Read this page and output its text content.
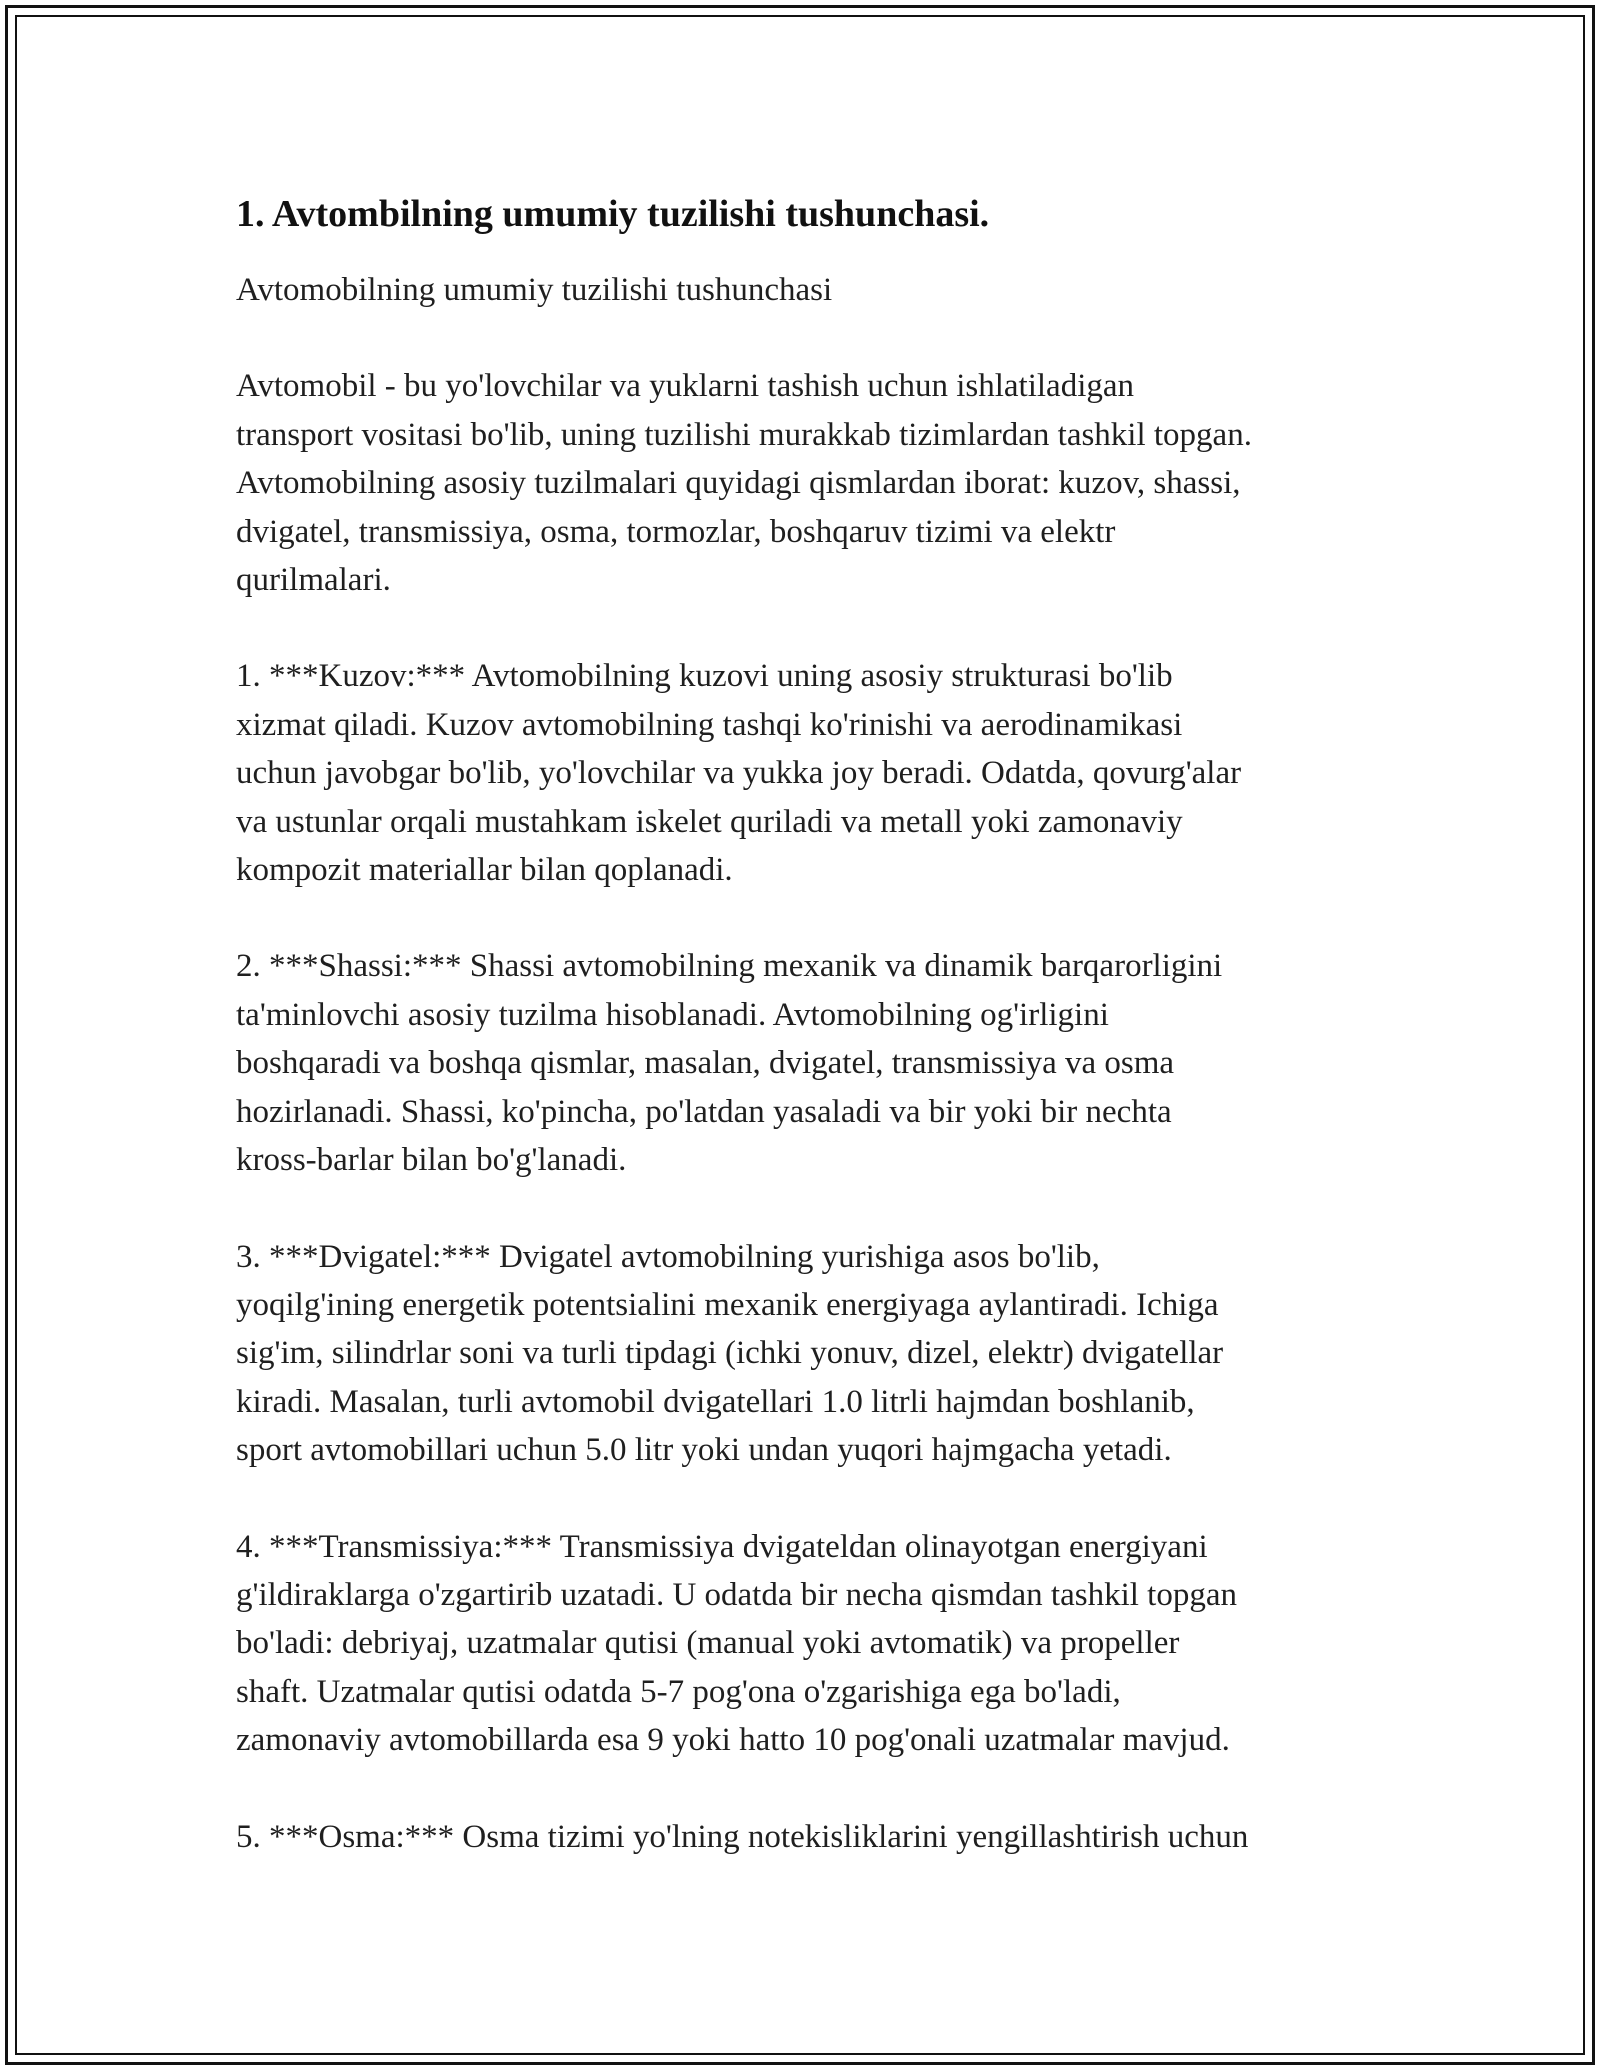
1. Avtombilning umumiy tuzilishi tushunchasi.

Avtomobilning umumiy tuzilishi tushunchasi

Avtomobil - bu yo'lovchilar va yuklarni tashish uchun ishlatiladigan
transport vositasi bo'lib, uning tuzilishi murakkab tizimlardan tashkil topgan.
Avtomobilning asosiy tuzilmalari quyidagi qismlardan iborat: kuzov, shassi,
dvigatel, transmissiya, osma, tormozlar, boshqaruv tizimi va elektr
qurilmalari.

1. ***Kuzov:*** Avtomobilning kuzovi uning asosiy strukturasi bo'lib
xizmat qiladi. Kuzov avtomobilning tashqi ko'rinishi va aerodinamikasi
uchun javobgar bo'lib, yo'lovchilar va yukka joy beradi. Odatda, qovurg'alar
va ustunlar orqali mustahkam iskelet quriladi va metall yoki zamonaviy
kompozit materiallar bilan qoplanadi.

2. ***Shassi:*** Shassi avtomobilning mexanik va dinamik barqarorligini
ta'minlovchi asosiy tuzilma hisoblanadi. Avtomobilning og'irligini
boshqaradi va boshqa qismlar, masalan, dvigatel, transmissiya va osma
hozirlanadi. Shassi, ko'pincha, po'latdan yasaladi va bir yoki bir nechta
kross-barlar bilan bo'g'lanadi.

3. ***Dvigatel:*** Dvigatel avtomobilning yurishiga asos bo'lib,
yoqilg'ining energetik potentsialini mexanik energiyaga aylantiradi. Ichiga
sig'im, silindrlar soni va turli tipdagi (ichki yonuv, dizel, elektr) dvigatellar
kiradi. Masalan, turli avtomobil dvigatellari 1.0 litrli hajmdan boshlanib,
sport avtomobillari uchun 5.0 litr yoki undan yuqori hajmgacha yetadi.

4. ***Transmissiya:*** Transmissiya dvigateldan olinayotgan energiyani
g'ildiraklarga o'zgartirib uzatadi. U odatda bir necha qismdan tashkil topgan
bo'ladi: debriyaj, uzatmalar qutisi (manual yoki avtomatik) va propeller
shaft. Uzatmalar qutisi odatda 5-7 pog'ona o'zgarishiga ega bo'ladi,
zamonaviy avtomobillarda esa 9 yoki hatto 10 pog'onali uzatmalar mavjud.

5. ***Osma:*** Osma tizimi yo'lning notekisliklarini yengillashtirish uchun
